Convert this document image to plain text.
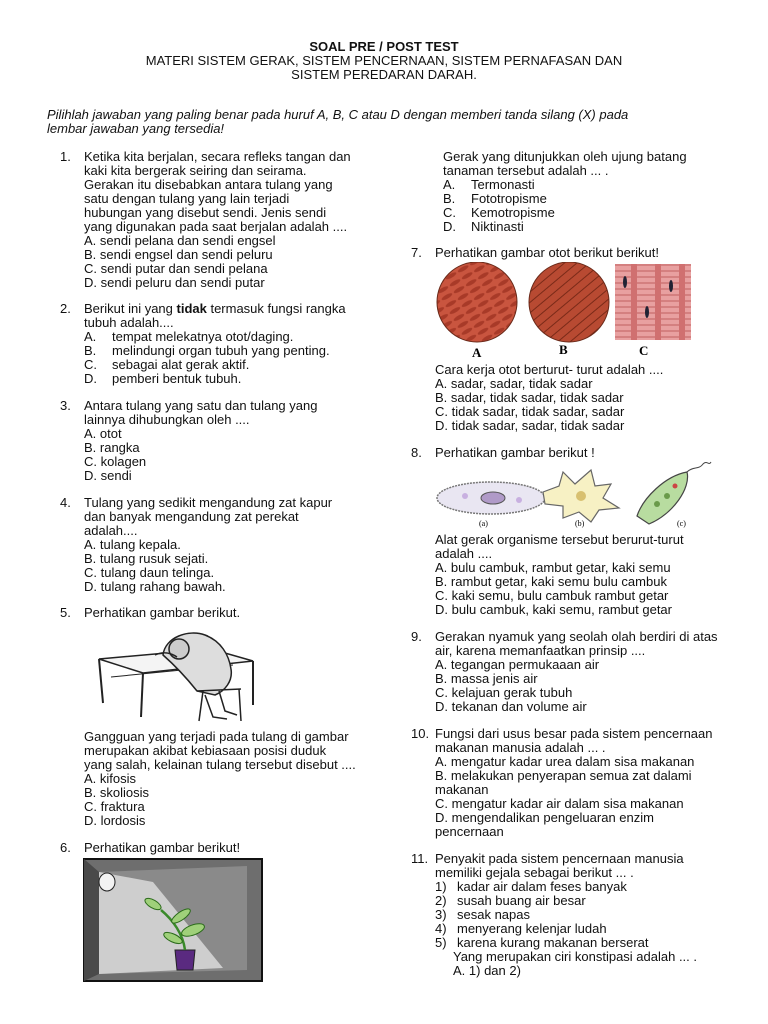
SOAL PRE / POST TEST
MATERI SISTEM GERAK, SISTEM PENCERNAAN, SISTEM PERNAFASAN DAN
SISTEM PEREDARAN DARAH.
Pilihlah jawaban yang paling benar pada huruf A, B, C atau D dengan memberi tanda silang (X) pada
lembar jawaban yang tersedia!
1. Ketika kita berjalan, secara refleks tangan dan
kaki kita bergerak seiring dan seirama.
Gerakan itu disebabkan antara tulang yang
satu dengan tulang yang lain terjadi
hubungan yang disebut sendi. Jenis sendi
yang digunakan pada saat berjalan adalah ....
A. sendi pelana dan sendi engsel
B. sendi engsel dan sendi peluru
C. sendi putar dan sendi pelana
D. sendi peluru dan sendi putar
2. Berikut ini yang tidak termasuk fungsi rangka
tubuh adalah....
A. tempat melekatnya otot/daging.
B. melindungi organ tubuh yang penting.
C. sebagai alat gerak aktif.
D. pemberi bentuk tubuh.
3. Antara tulang yang satu dan tulang yang
lainnya dihubungkan oleh ....
A. otot
B. rangka
C. kolagen
D. sendi
4. Tulang yang sedikit mengandung zat kapur
dan banyak mengandung zat perekat
adalah....
A. tulang kepala.
B. tulang rusuk sejati.
C. tulang daun telinga.
D. tulang rahang bawah.
5. Perhatikan gambar berikut.
Gangguan yang terjadi pada tulang di gambar
merupakan akibat kebiasaan posisi duduk
yang salah, kelainan tulang tersebut disebut ....
A. kifosis
B. skoliosis
C. fraktura
D. lordosis
6. Perhatikan gambar berikut!
Gerak yang ditunjukkan oleh ujung batang
tanaman tersebut adalah ... .
A. Termonasti
B. Fototropisme
C. Kemotropisme
D. Niktinasti
7. Perhatikan gambar otot berikut berikut!
A	B	C
Cara kerja otot berturut- turut adalah ....
A. sadar, sadar, tidak sadar
B. sadar, tidak sadar, tidak sadar
C. tidak sadar, tidak sadar, sadar
D. tidak sadar, sadar, tidak sadar
8. Perhatikan gambar berikut !
(a)	(b)	(c)
Alat gerak organisme tersebut berurut-turut
adalah ....
A. bulu cambuk, rambut getar, kaki semu
B. rambut getar, kaki semu bulu cambuk
C. kaki semu, bulu cambuk rambut getar
D. bulu cambuk, kaki semu, rambut getar
9. Gerakan nyamuk yang seolah olah berdiri di atas
air, karena memanfaatkan prinsip ....
A. tegangan permukaaan air
B. massa jenis air
C. kelajuan gerak tubuh
D. tekanan dan volume air
10. Fungsi dari usus besar pada sistem pencernaan
makanan manusia adalah ... .
A. mengatur kadar urea dalam sisa makanan
B. melakukan penyerapan semua zat dalami
makanan
C. mengatur kadar air dalam sisa makanan
D. mengendalikan pengeluaran enzim
pencernaan
11. Penyakit pada sistem pencernaan manusia
memiliki gejala sebagai berikut ... .
1) kadar air dalam feses banyak
2) susah buang air besar
3) sesak napas
4) menyerang kelenjar ludah
5) karena kurang makanan berserat
Yang merupakan ciri konstipasi adalah ... .
A. 1) dan 2)
